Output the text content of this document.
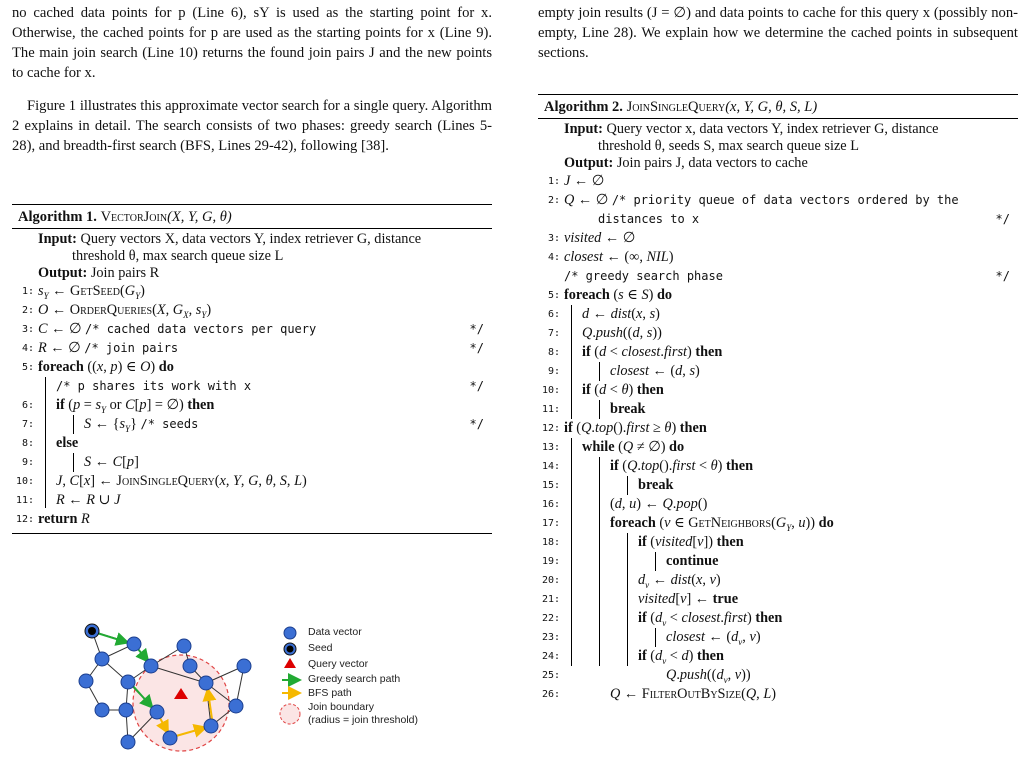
no cached data points for p (Line 6), sY is used as the starting point for x. Otherwise, the cached points for p are used as the starting points for x (Line 9). The main join search (Line 10) returns the found join pairs J and the new points to cache for x.

Figure 1 illustrates this approximate vector search for a single query. Algorithm 2 explains in detail. The search consists of two phases: greedy search (Lines 5-28), and breadth-first search (BFS, Lines 29-42), following [38].

Algorithm 1. VectorJoin(X, Y, G, θ)
Input: Query vectors X, data vectors Y, index retriever G, distance
threshold θ, max search queue size L
Output: Join pairs R
1: $s_Y$ ← $GetSeed(G_Y)$
2: O ← OrderQueries(X, $G_X$, $s_Y$)
3: C ← ∅ /* cached data vectors per query	*/
4: R ← ∅ /* join pairs	*/
5: foreach ((x, p) ∈ O) do
/* p shares its work with x	*/
6: if ($p = s_Y$ or C[p] = ∅) then
7:	S ← $\{s_Y\}$ /* seeds	*/
8: else
9:	S ← C[p]
10: J, C[x] ← JoinSingleQuery(x, Y, G, θ, S, L)
11: R ← R ∪ J
12: return R
Data vector
Seed
Query vector
Greedy search path
BFS path
Join boundary
(radius = join threshold)

empty join results (J = ∅) and data points to cache for this query x (possibly non-empty, Line 28). We explain how we determine the cached points in subsequent sections.

Algorithm 2. JoinSingleQuery(x, Y, G, θ, S, L)
Input: Query vector x, data vectors Y, index retriever G, distance
threshold θ, seeds S, max search queue size L
Output: Join pairs J, data vectors to cache
1: J ← ∅
2: Q ← ∅ /* priority queue of data vectors ordered by the
distances to x	*/
3: visited ← ∅
4: closest ← (∞, NIL)
/* greedy search phase	*/
5: foreach (s ∈ S) do
6: d ← dist(x, s)
7: Q.push((d, s))
8: if (d < closest.first) then
9:	closest ← (d, s)
10: if (d < θ) then
11:	break
12: if (Q.top().first ≥ θ) then
13: while (Q ≠ ∅) do
14:	if (Q.top().first < θ) then
15:	break
16:	(d, u) ← Q.pop()
17:	foreach (v ∈ $GetNeighbors(G_Y$, u)) do
18:	if (visited[v]) then
19:	continue
20:	$d_v$ ← dist(x, v)
21:	visited[v] ← true
22:	if ($d_v$ < closest.first) then
23:	closest ← ($d_v$, v)
24:	if $(d_v < d)$ then
25:	$Q.push((d_v$, v))
26:	Q ← FilterOutBySize(Q, L)
